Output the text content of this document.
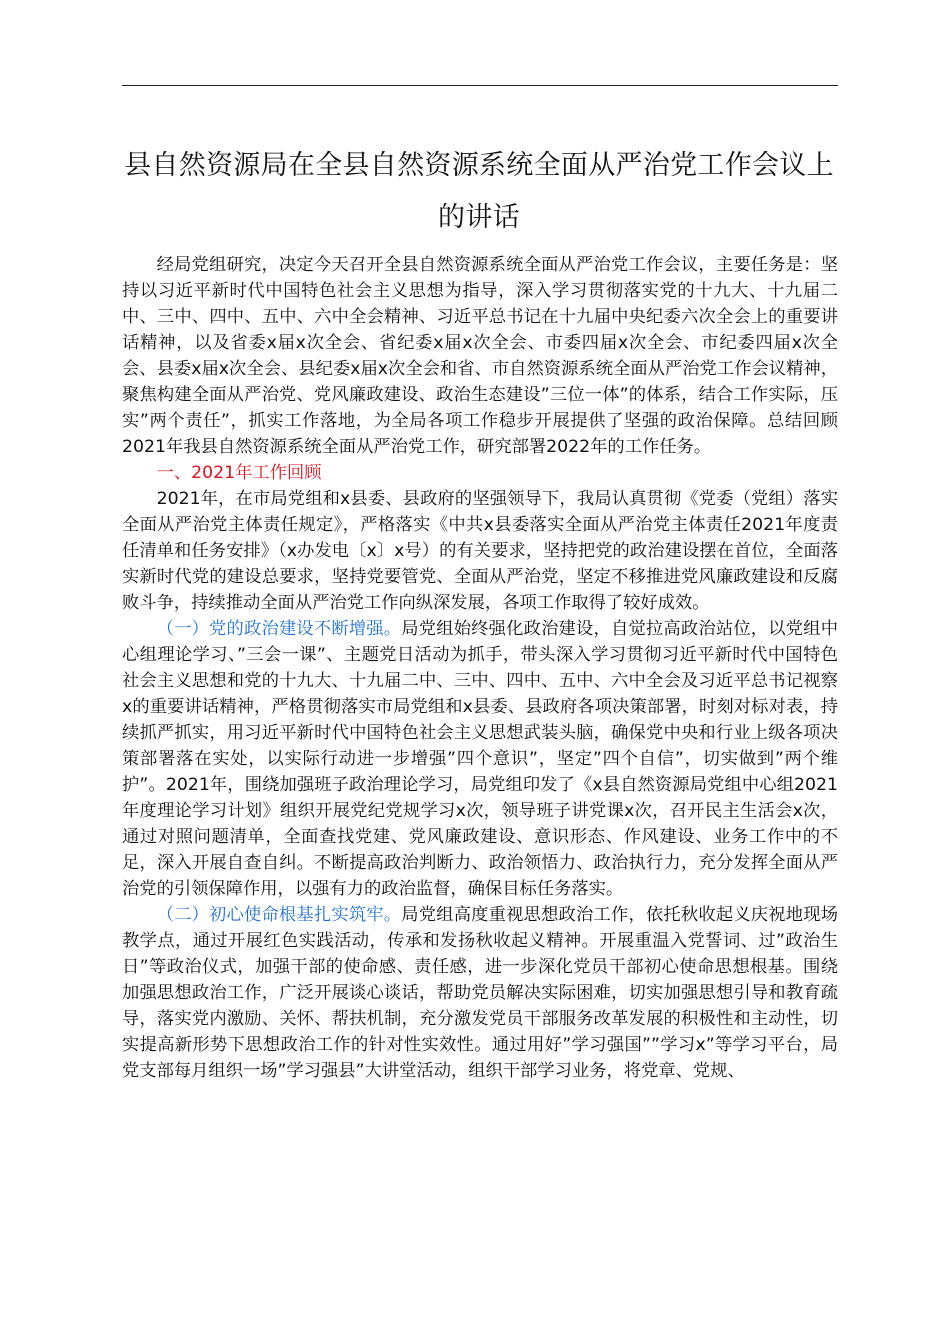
县自然资源局在全县自然资源系统全面从严治党工作会议上的讲话

经局党组研究，决定今天召开全县自然资源系统全面从严治党工作会议，主要任务是：坚持以习近平新时代中国特色社会主义思想为指导，深入学习贯彻落实党的十九大、十九届二中、三中、四中、五中、六中全会精神、习近平总书记在十九届中央纪委六次全会上的重要讲话精神，以及省委x届x次全会、省纪委x届x次全会、市委四届x次全会、市纪委四届x次全会、县委x届x次全会、县纪委x届x次全会和省、市自然资源系统全面从严治党工作会议精神，聚焦构建全面从严治党、党风廉政建设、政治生态建设”三位一体”的体系，结合工作实际，压实”两个责任”，抓实工作落地，为全局各项工作稳步开展提供了坚强的政治保障。总结回顾2021年我县自然资源系统全面从严治党工作，研究部署2022年的工作任务。

一、2021年工作回顾

2021年，在市局党组和x县委、县政府的坚强领导下，我局认真贯彻《党委（党组）落实全面从严治党主体责任规定》，严格落实《中共x县委落实全面从严治党主体责任2021年度责任清单和任务安排》（x办发电〔x〕x号）的有关要求，坚持把党的政治建设摆在首位，全面落实新时代党的建设总要求，坚持党要管党、全面从严治党，坚定不移推进党风廉政建设和反腐败斗争，持续推动全面从严治党工作向纵深发展，各项工作取得了较好成效。

（一）党的政治建设不断增强。局党组始终强化政治建设，自觉拉高政治站位，以党组中心组理论学习、”三会一课”、主题党日活动为抓手，带头深入学习贯彻习近平新时代中国特色社会主义思想和党的十九大、十九届二中、三中、四中、五中、六中全会及习近平总书记视察x的重要讲话精神，严格贯彻落实市局党组和x县委、县政府各项决策部署，时刻对标对表，持续抓严抓实，用习近平新时代中国特色社会主义思想武装头脑，确保党中央和行业上级各项决策部署落在实处，以实际行动进一步增强”四个意识”，坚定”四个自信”，切实做到”两个维护”。2021年，围绕加强班子政治理论学习，局党组印发了《x县自然资源局党组中心组2021年度理论学习计划》组织开展党纪党规学习x次，领导班子讲党课x次，召开民主生活会x次，通过对照问题清单，全面查找党建、党风廉政建设、意识形态、作风建设、业务工作中的不足，深入开展自查自纠。不断提高政治判断力、政治领悟力、政治执行力，充分发挥全面从严治党的引领保障作用，以强有力的政治监督，确保目标任务落实。

（二）初心使命根基扎实筑牢。局党组高度重视思想政治工作，依托秋收起义庆祝地现场教学点，通过开展红色实践活动，传承和发扬秋收起义精神。开展重温入党誓词、过”政治生日”等政治仪式，加强干部的使命感、责任感，进一步深化党员干部初心使命思想根基。围绕加强思想政治工作，广泛开展谈心谈话，帮助党员解决实际困难，切实加强思想引导和教育疏导，落实党内激励、关怀、帮扶机制，充分激发党员干部服务改革发展的积极性和主动性，切实提高新形势下思想政治工作的针对性实效性。通过用好”学习强国””学习x”等学习平台，局党支部每月组织一场”学习强县”大讲堂活动，组织干部学习业务，将党章、党规、
